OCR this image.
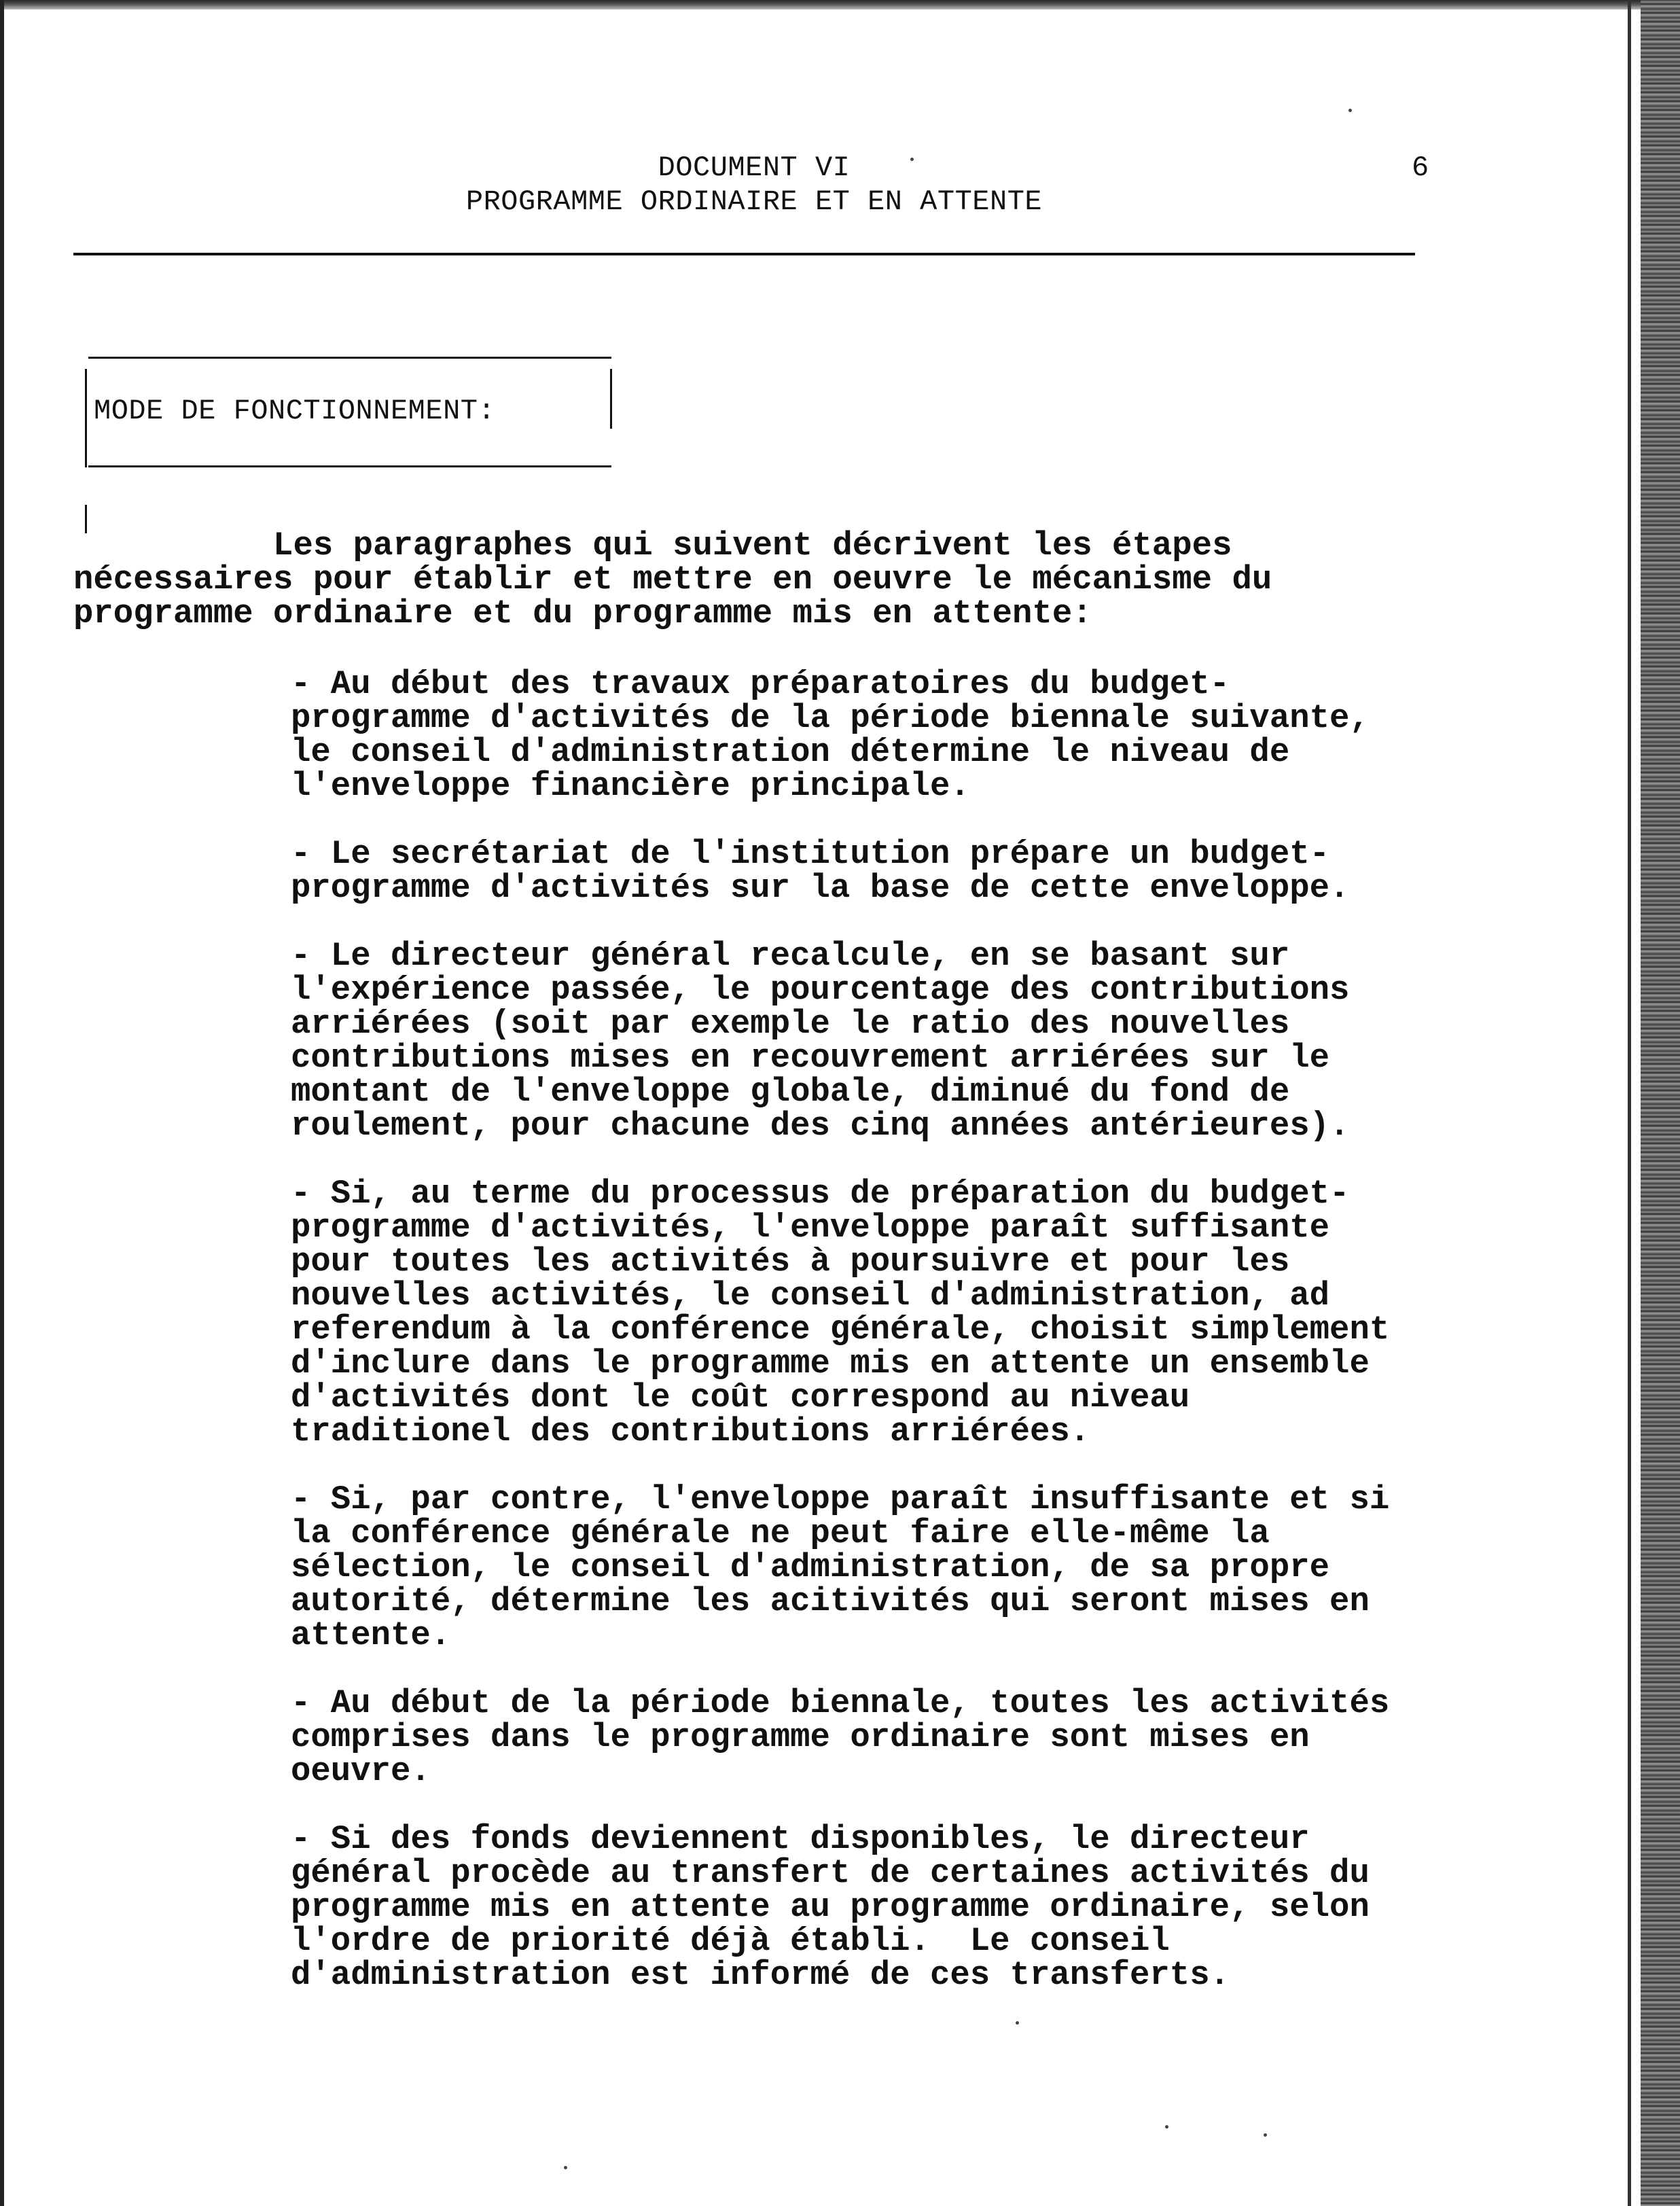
DOCUMENT VI
PROGRAMME ORDINAIRE ET EN ATTENTE
6
MODE DE FONCTIONNEMENT:

Les paragraphes qui suivent décrivent les étapes
nécessaires pour établir et mettre en oeuvre le mécanisme du
programme ordinaire et du programme mis en attente:

- Au début des travaux préparatoires du budget-
programme d'activités de la période biennale suivante,
le conseil d'administration détermine le niveau de
l'enveloppe financière principale.
- Le secrétariat de l'institution prépare un budget-
programme d'activités sur la base de cette enveloppe.
- Le directeur général recalcule, en se basant sur
l'expérience passée, le pourcentage des contributions
arriérées (soit par exemple le ratio des nouvelles
contributions mises en recouvrement arriérées sur le
montant de l'enveloppe globale, diminué du fond de
roulement, pour chacune des cinq années antérieures).
- Si, au terme du processus de préparation du budget-
programme d'activités, l'enveloppe paraît suffisante
pour toutes les activités à poursuivre et pour les
nouvelles activités, le conseil d'administration, ad
referendum à la conférence générale, choisit simplement
d'inclure dans le programme mis en attente un ensemble
d'activités dont le coût correspond au niveau
traditionel des contributions arriérées.
- Si, par contre, l'enveloppe paraît insuffisante et si
la conférence générale ne peut faire elle-même la
sélection, le conseil d'administration, de sa propre
autorité, détermine les acitivités qui seront mises en
attente.
- Au début de la période biennale, toutes les activités
comprises dans le programme ordinaire sont mises en
oeuvre.
- Si des fonds deviennent disponibles, le directeur
général procède au transfert de certaines activités du
programme mis en attente au programme ordinaire, selon
l'ordre de priorité déjà établi.  Le conseil
d'administration est informé de ces transferts.
